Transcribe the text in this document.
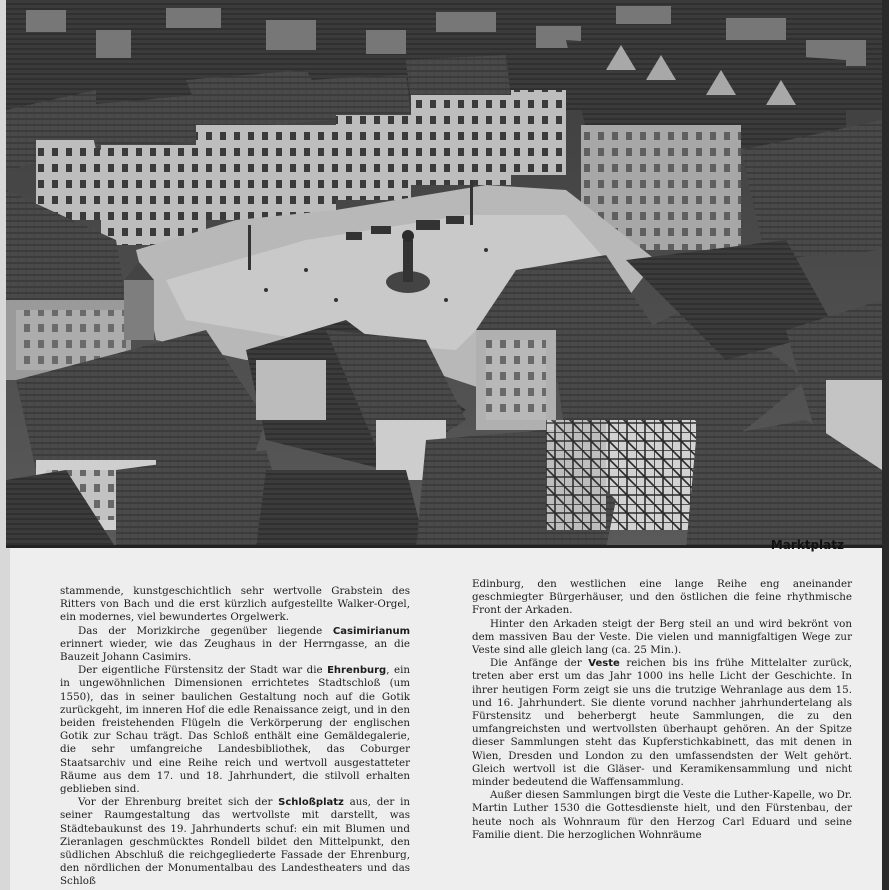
Marktplatz

stammende, kunstgeschichtlich sehr wertvolle Grabstein des Ritters von Bach und die erst kürzlich aufgestellte Walker-Orgel, ein modernes, viel bewundertes Orgelwerk.

Das der Morizkirche gegenüber liegende Casimirianum erinnert wieder, wie das Zeughaus in der Herrngasse, an die Bauzeit Johann Casimirs.

Der eigentliche Fürstensitz der Stadt war die Ehrenburg, ein in ungewöhnlichen Dimensionen errichtetes Stadtschloß (um 1550), das in seiner baulichen Gestaltung noch auf die Gotik zurückgeht, im inneren Hof die edle Renaissance zeigt, und in den beiden freistehenden Flügeln die Verkörperung der englischen Gotik zur Schau trägt. Das Schloß enthält eine Gemäldegalerie, die sehr umfangreiche Landesbibliothek, das Coburger Staatsarchiv und eine Reihe reich und wertvoll ausgestatteter Räume aus dem 17. und 18. Jahrhundert, die stilvoll erhalten geblieben sind.

Vor der Ehrenburg breitet sich der Schloßplatz aus, der in seiner Raumgestaltung das wertvollste mit darstellt, was Städtebaukunst des 19. Jahrhunderts schuf: ein mit Blumen und Zieranlagen geschmücktes Rondell bildet den Mittelpunkt, den südlichen Abschluß die reichgegliederte Fassade der Ehrenburg, den nördlichen der Monumentalbau des Landestheaters und das Schloß

Edinburg, den westlichen eine lange Reihe eng aneinander geschmiegter Bürgerhäuser, und den östlichen die feine rhythmische Front der Arkaden.

Hinter den Arkaden steigt der Berg steil an und wird bekrönt von dem massiven Bau der Veste. Die vielen und mannigfaltigen Wege zur Veste sind alle gleich lang (ca. 25 Min.).

Die Anfänge der Veste reichen bis ins frühe Mittelalter zurück, treten aber erst um das Jahr 1000 ins helle Licht der Geschichte. In ihrer heutigen Form zeigt sie uns die trutzige Wehranlage aus dem 15. und 16. Jahrhundert. Sie diente vorund nachher jahrhundertelang als Fürstensitz und beherbergt heute Sammlungen, die zu den umfangreichsten und wertvollsten überhaupt gehören. An der Spitze dieser Sammlungen steht das Kupferstichkabinett, das mit denen in Wien, Dresden und London zu den umfassendsten der Welt gehört. Gleich wertvoll ist die Gläser- und Keramikensammlung und nicht minder bedeutend die Waffensammlung.

Außer diesen Sammlungen birgt die Veste die Luther-Kapelle, wo Dr. Martin Luther 1530 die Gottesdienste hielt, und den Fürstenbau, der heute noch als Wohnraum für den Herzog Carl Eduard und seine Familie dient. Die herzoglichen Wohnräume
